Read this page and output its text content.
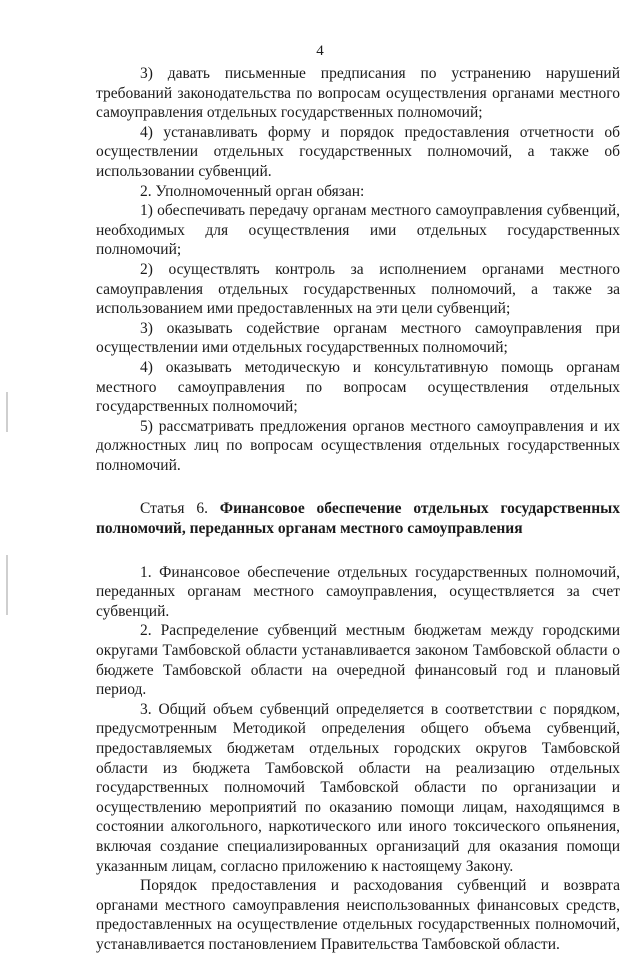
4

3) давать письменные предписания по устранению нарушений требований законодательства по вопросам осуществления органами местного самоуправления отдельных государственных полномочий;

4) устанавливать форму и порядок предоставления отчетности об осуществлении отдельных государственных полномочий, а также об использовании субвенций.

2. Уполномоченный орган обязан:

1) обеспечивать передачу органам местного самоуправления субвенций, необходимых для осуществления ими отдельных государственных полномочий;

2) осуществлять контроль за исполнением органами местного самоуправления отдельных государственных полномочий, а также за использованием ими предоставленных на эти цели субвенций;

3) оказывать содействие органам местного самоуправления при осуществлении ими отдельных государственных полномочий;

4) оказывать методическую и консультативную помощь органам местного самоуправления по вопросам осуществления отдельных государственных полномочий;

5) рассматривать предложения органов местного самоуправления и их должностных лиц по вопросам осуществления отдельных государственных полномочий.

Статья 6. Финансовое обеспечение отдельных государственных полномочий, переданных органам местного самоуправления

1. Финансовое обеспечение отдельных государственных полномочий, переданных органам местного самоуправления, осуществляется за счет субвенций.

2. Распределение субвенций местным бюджетам между городскими округами Тамбовской области устанавливается законом Тамбовской области о бюджете Тамбовской области на очередной финансовый год и плановый период.

3. Общий объем субвенций определяется в соответствии с порядком, предусмотренным Методикой определения общего объема субвенций, предоставляемых бюджетам отдельных городских округов Тамбовской области из бюджета Тамбовской области на реализацию отдельных государственных полномочий Тамбовской области по организации и осуществлению мероприятий по оказанию помощи лицам, находящимся в состоянии алкогольного, наркотического или иного токсического опьянения, включая создание специализированных организаций для оказания помощи указанным лицам, согласно приложению к настоящему Закону.

Порядок предоставления и расходования субвенций и возврата органами местного самоуправления неиспользованных финансовых средств, предоставленных на осуществление отдельных государственных полномочий, устанавливается постановлением Правительства Тамбовской области.
